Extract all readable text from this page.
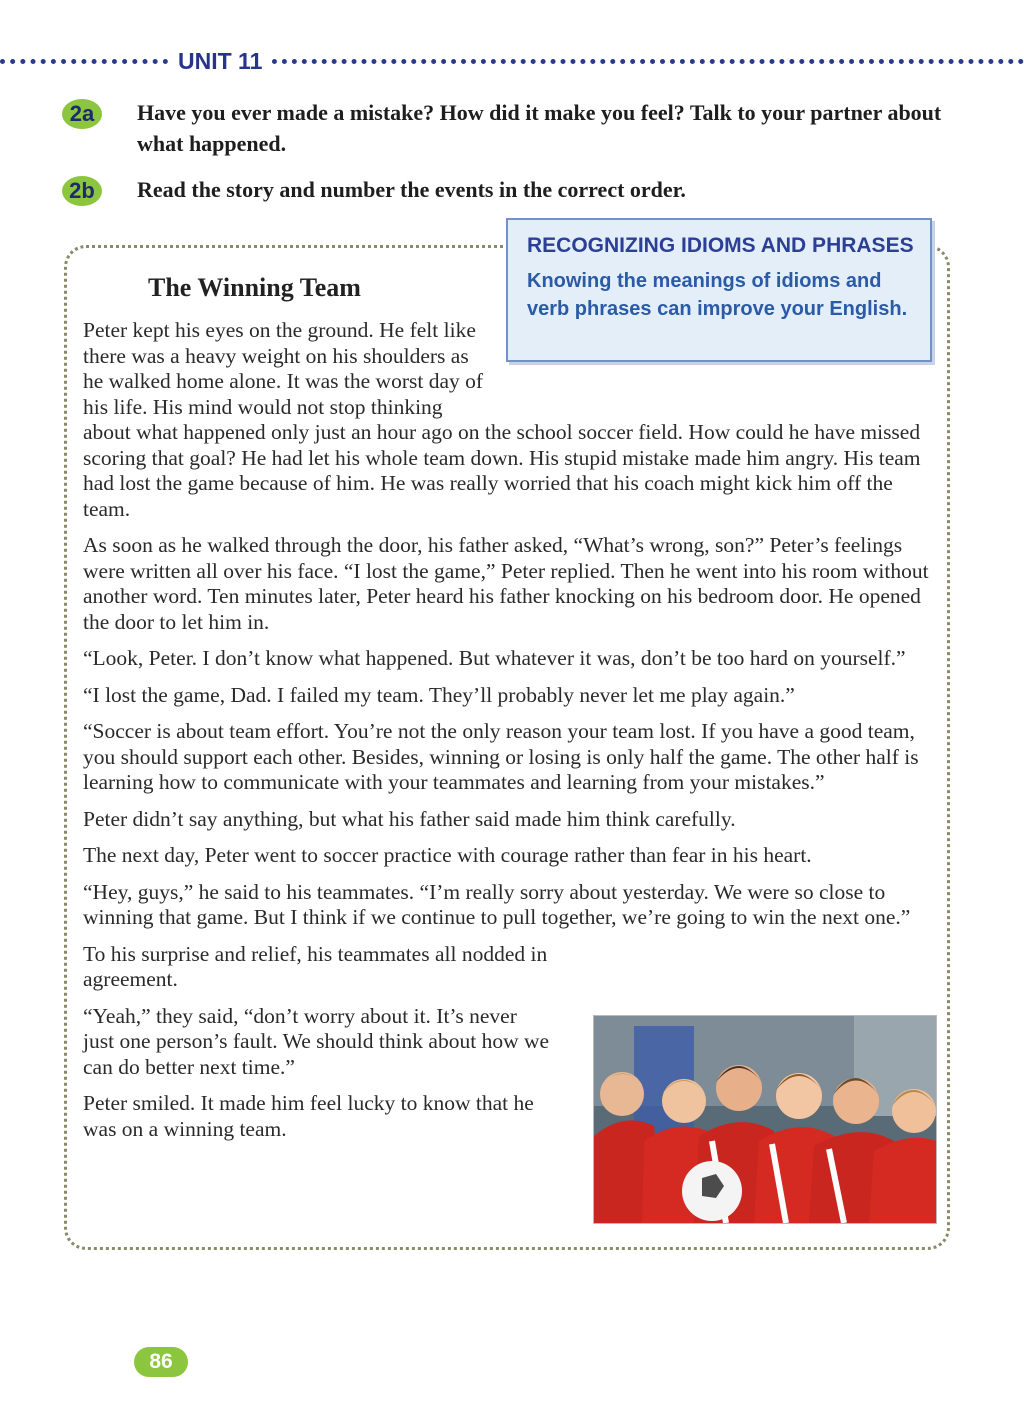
UNIT 11
2a	Have you ever made a mistake? How did it make you feel? Talk to your partner about what happened.
2b	Read the story and number the events in the correct order.
RECOGNIZING IDIOMS AND PHRASES
Knowing the meanings of idioms and verb phrases can improve your English.
The Winning Team

Peter kept his eyes on the ground. He felt like there was a heavy weight on his shoulders as he walked home alone. It was the worst day of his life. His mind would not stop thinking about what happened only just an hour ago on the school soccer field. How could he have missed scoring that goal? He had let his whole team down. His stupid mistake made him angry. His team had lost the game because of him. He was really worried that his coach might kick him off the team.

As soon as he walked through the door, his father asked, “What’s wrong, son?” Peter’s feelings were written all over his face. “I lost the game,” Peter replied. Then he went into his room without another word. Ten minutes later, Peter heard his father knocking on his bedroom door. He opened the door to let him in.

“Look, Peter. I don’t know what happened. But whatever it was, don’t be too hard on yourself.”

“I lost the game, Dad. I failed my team. They’ll probably never let me play again.”

“Soccer is about team effort. You’re not the only reason your team lost. If you have a good team, you should support each other. Besides, winning or losing is only half the game. The other half is learning how to communicate with your teammates and learning from your mistakes.”

Peter didn’t say anything, but what his father said made him think carefully.

The next day, Peter went to soccer practice with courage rather than fear in his heart.

“Hey, guys,” he said to his teammates. “I’m really sorry about yesterday. We were so close to winning that game. But I think if we continue to pull together, we’re going to win the next one.”

To his surprise and relief, his teammates all nodded in agreement.

“Yeah,” they said, “don’t worry about it. It’s never just one person’s fault. We should think about how we can do better next time.”

Peter smiled. It made him feel lucky to know that he was on a winning team.

86
